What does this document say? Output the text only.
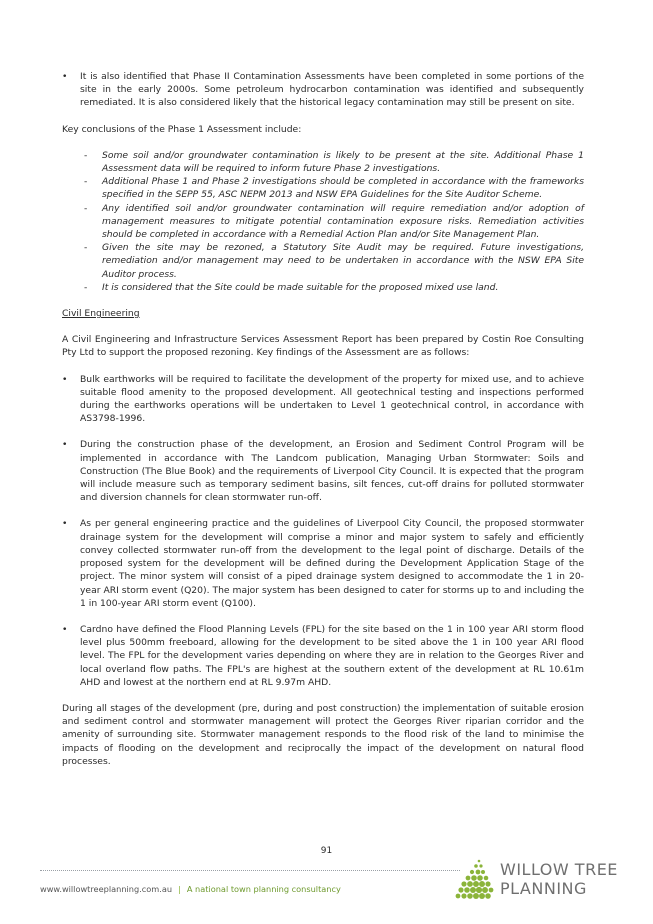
• It is also identified that Phase II Contamination Assessments have been completed in some portions of the site in the early 2000s. Some petroleum hydrocarbon contamination was identified and subsequently remediated. It is also considered likely that the historical legacy contamination may still be present on site.

Key conclusions of the Phase 1 Assessment include:

- Some soil and/or groundwater contamination is likely to be present at the site. Additional Phase 1 Assessment data will be required to inform future Phase 2 investigations.
- Additional Phase 1 and Phase 2 investigations should be completed in accordance with the frameworks specified in the SEPP 55, ASC NEPM 2013 and NSW EPA Guidelines for the Site Auditor Scheme.
- Any identified soil and/or groundwater contamination will require remediation and/or adoption of management measures to mitigate potential contamination exposure risks. Remediation activities should be completed in accordance with a Remedial Action Plan and/or Site Management Plan.
- Given the site may be rezoned, a Statutory Site Audit may be required. Future investigations, remediation and/or management may need to be undertaken in accordance with the NSW EPA Site Auditor process.
- It is considered that the Site could be made suitable for the proposed mixed use land.
Civil Engineering

A Civil Engineering and Infrastructure Services Assessment Report has been prepared by Costin Roe Consulting Pty Ltd to support the proposed rezoning. Key findings of the Assessment are as follows:

• Bulk earthworks will be required to facilitate the development of the property for mixed use, and to achieve suitable flood amenity to the proposed development. All geotechnical testing and inspections performed during the earthworks operations will be undertaken to Level 1 geotechnical control, in accordance with AS3798-1996.
• During the construction phase of the development, an Erosion and Sediment Control Program will be implemented in accordance with The Landcom publication, Managing Urban Stormwater: Soils and Construction (The Blue Book) and the requirements of Liverpool City Council. It is expected that the program will include measure such as temporary sediment basins, silt fences, cut-off drains for polluted stormwater and diversion channels for clean stormwater run-off.
• As per general engineering practice and the guidelines of Liverpool City Council, the proposed stormwater drainage system for the development will comprise a minor and major system to safely and efficiently convey collected stormwater run-off from the development to the legal point of discharge. Details of the proposed system for the development will be defined during the Development Application Stage of the project. The minor system will consist of a piped drainage system designed to accommodate the 1 in 20-year ARI storm event (Q20). The major system has been designed to cater for storms up to and including the 1 in 100-year ARI storm event (Q100).
• Cardno have defined the Flood Planning Levels (FPL) for the site based on the 1 in 100 year ARI storm flood level plus 500mm freeboard, allowing for the development to be sited above the 1 in 100 year ARI flood level. The FPL for the development varies depending on where they are in relation to the Georges River and local overland flow paths. The FPL's are highest at the southern extent of the development at RL 10.61m AHD and lowest at the northern end at RL 9.97m AHD.

During all stages of the development (pre, during and post construction) the implementation of suitable erosion and sediment control and stormwater management will protect the Georges River riparian corridor and the amenity of surrounding site. Stormwater management responds to the flood risk of the land to minimise the impacts of flooding on the development and reciprocally the impact of the development on natural flood processes.

91
www.willowtreeplanning.com.au | A national town planning consultancy
WILLOW TREE
PLANNING
